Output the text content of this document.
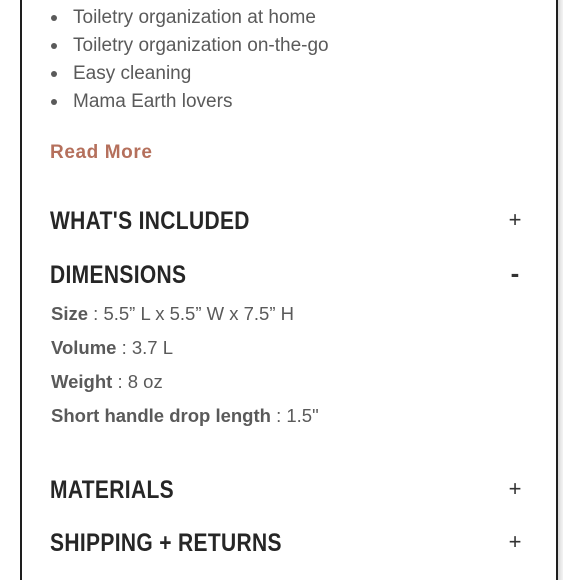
Toiletry organization at home
Toiletry organization on-the-go
Easy cleaning
Mama Earth lovers
Read More
WHAT'S INCLUDED	+
DIMENSIONS	-
Size : 5.5” L x 5.5” W x 7.5” H
Volume : 3.7 L
Weight : 8 oz
Short handle drop length : 1.5"
MATERIALS	+
SHIPPING + RETURNS	+
